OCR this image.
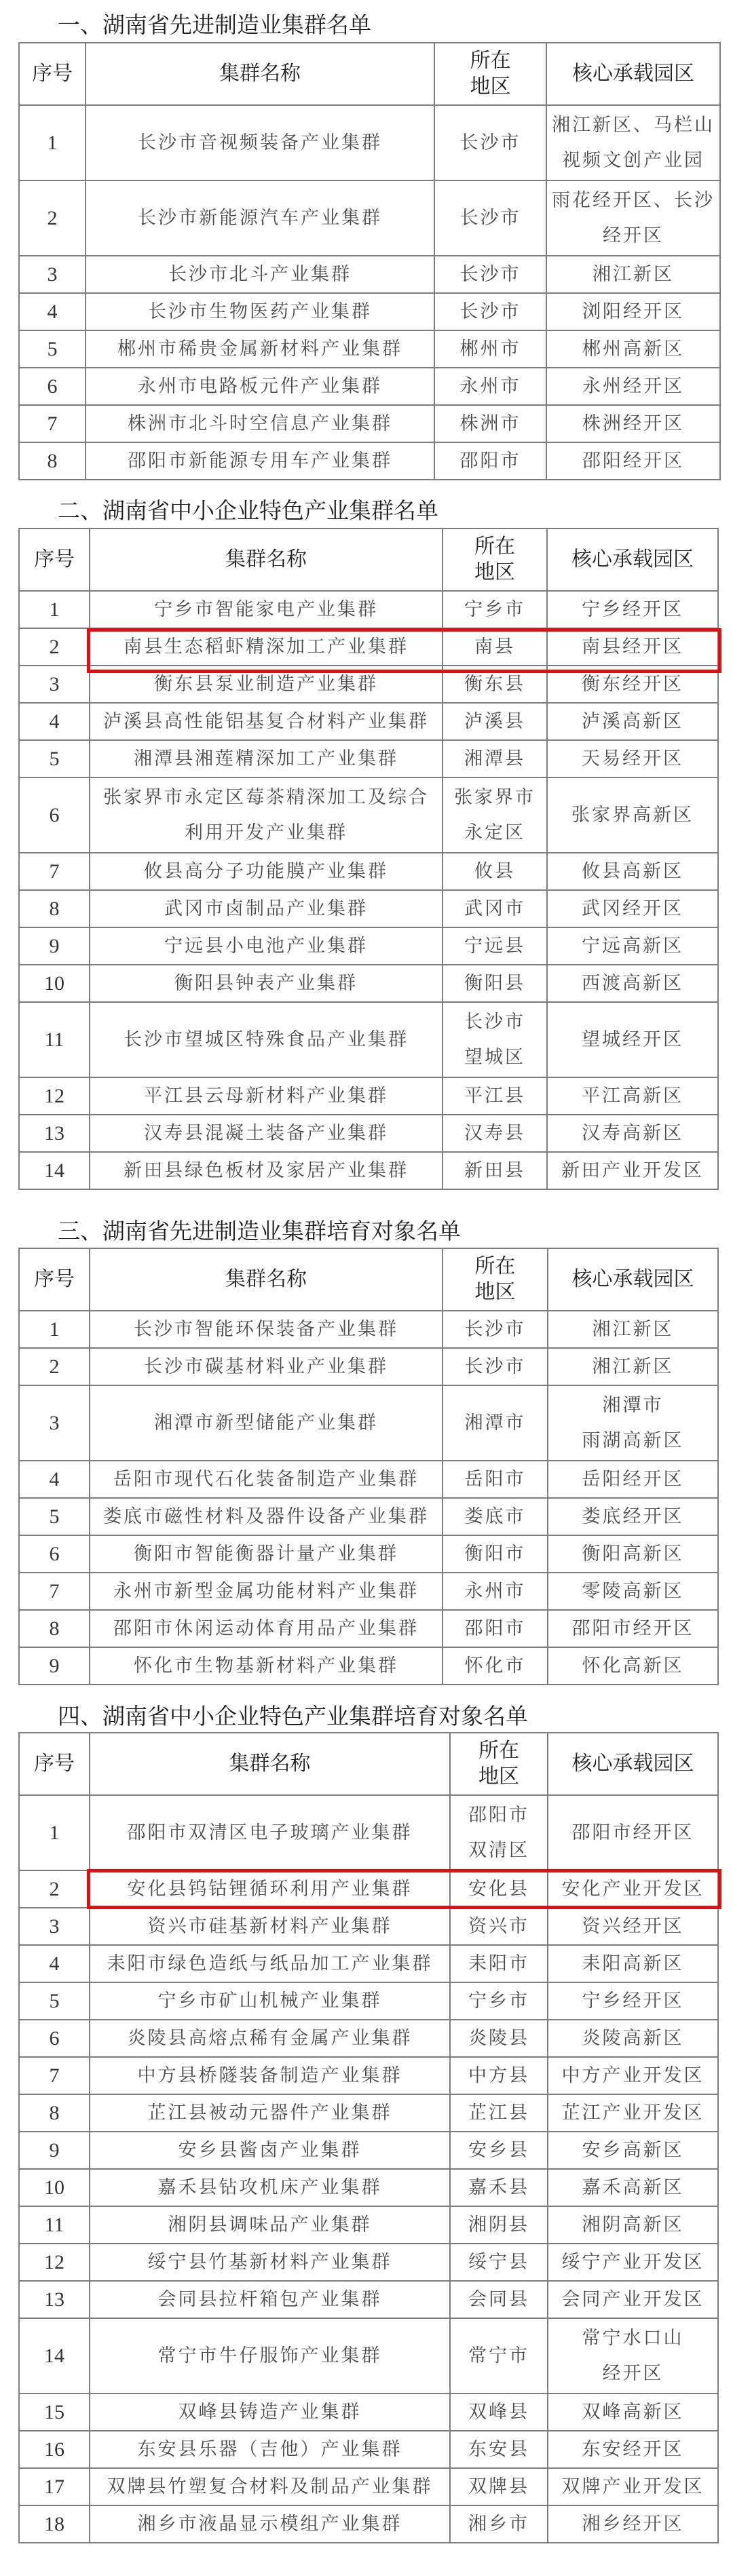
一、湖南省先进制造业集群名单
序号	集群名称	所在
地区	核心承载园区
1	长沙市音视频装备产业集群	长沙市	湘江新区、马栏山
视频文创产业园

2	长沙市新能源汽车产业集群	长沙市	雨花经开区、长沙
经开区

3	长沙市北斗产业集群	长沙市	湘江新区

4	长沙市生物医药产业集群	长沙市	浏阳经开区

5	郴州市稀贵金属新材料产业集群	郴州市	郴州高新区

6	永州市电路板元件产业集群	永州市	永州经开区

7	株洲市北斗时空信息产业集群	株洲市	株洲经开区

8	邵阳市新能源专用车产业集群	邵阳市	邵阳经开区
二、湖南省中小企业特色产业集群名单
序号	集群名称	所在
地区	核心承载园区
1	宁乡市智能家电产业集群	宁乡市	宁乡经开区

2	南县生态稻虾精深加工产业集群	南县	南县经开区

3	衡东县泵业制造产业集群	衡东县	衡东经开区

4	泸溪县高性能铝基复合材料产业集群	泸溪县	泸溪高新区

5	湘潭县湘莲精深加工产业集群	湘潭县	天易经开区

6	张家界市永定区莓茶精深加工及综合
利用开发产业集群	张家界市
永定区	张家界高新区

7	攸县高分子功能膜产业集群	攸县	攸县高新区

8	武冈市卤制品产业集群	武冈市	武冈经开区

9	宁远县小电池产业集群	宁远县	宁远高新区

10	衡阳县钟表产业集群	衡阳县	西渡高新区

11	长沙市望城区特殊食品产业集群	长沙市
望城区	望城经开区

12	平江县云母新材料产业集群	平江县	平江高新区

13	汉寿县混凝土装备产业集群	汉寿县	汉寿高新区

14	新田县绿色板材及家居产业集群	新田县	新田产业开发区
三、湖南省先进制造业集群培育对象名单
序号	集群名称	所在
地区	核心承载园区
1	长沙市智能环保装备产业集群	长沙市	湘江新区

2	长沙市碳基材料业产业集群	长沙市	湘江新区

3	湘潭市新型储能产业集群	湘潭市	湘潭市
雨湖高新区

4	岳阳市现代石化装备制造产业集群	岳阳市	岳阳经开区

5	娄底市磁性材料及器件设备产业集群	娄底市	娄底经开区

6	衡阳市智能衡器计量产业集群	衡阳市	衡阳高新区

7	永州市新型金属功能材料产业集群	永州市	零陵高新区

8	邵阳市休闲运动体育用品产业集群	邵阳市	邵阳市经开区

9	怀化市生物基新材料产业集群	怀化市	怀化高新区
四、湖南省中小企业特色产业集群培育对象名单
序号	集群名称	所在
地区	核心承载园区
1	邵阳市双清区电子玻璃产业集群	邵阳市
双清区	邵阳市经开区

2	安化县钨钴锂循环利用产业集群	安化县	安化产业开发区

3	资兴市硅基新材料产业集群	资兴市	资兴经开区

4	耒阳市绿色造纸与纸品加工产业集群	耒阳市	耒阳高新区

5	宁乡市矿山机械产业集群	宁乡市	宁乡经开区

6	炎陵县高熔点稀有金属产业集群	炎陵县	炎陵高新区

7	中方县桥隧装备制造产业集群	中方县	中方产业开发区

8	芷江县被动元器件产业集群	芷江县	芷江产业开发区

9	安乡县酱卤产业集群	安乡县	安乡高新区

10	嘉禾县钻攻机床产业集群	嘉禾县	嘉禾高新区

11	湘阴县调味品产业集群	湘阴县	湘阴高新区

12	绥宁县竹基新材料产业集群	绥宁县	绥宁产业开发区

13	会同县拉杆箱包产业集群	会同县	会同产业开发区

14	常宁市牛仔服饰产业集群	常宁市	常宁水口山
经开区

15	双峰县铸造产业集群	双峰县	双峰高新区

16	东安县乐器（吉他）产业集群	东安县	东安经开区

17	双牌县竹塑复合材料及制品产业集群	双牌县	双牌产业开发区

18	湘乡市液晶显示模组产业集群	湘乡市	湘乡经开区
